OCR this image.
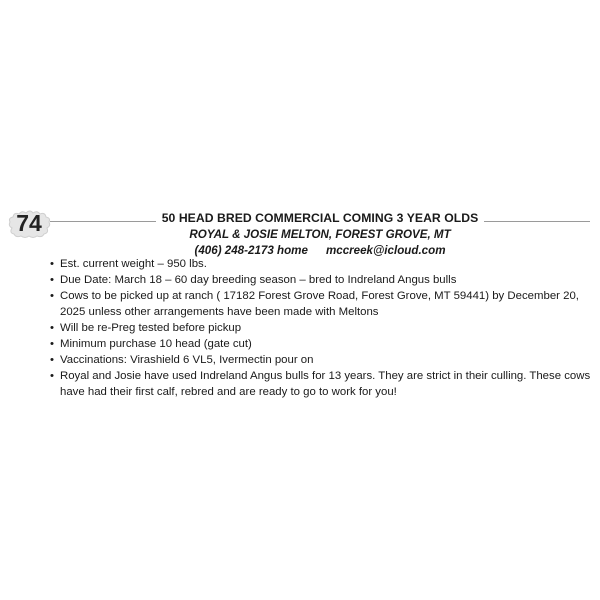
74	50 HEAD BRED COMMERCIAL COMING 3 YEAR OLDS
ROYAL & JOSIE MELTON, FOREST GROVE, MT
(406) 248-2173 home mccreek@icloud.com
• Est. current weight – 950 lbs.
• Due Date: March 18 – 60 day breeding season – bred to Indreland Angus bulls
• Cows to be picked up at ranch ( 17182 Forest Grove Road, Forest Grove, MT 59441) by December 20, 2025 unless other arrangements have been made with Meltons
• Will be re-Preg tested before pickup
• Minimum purchase 10 head (gate cut)
• Vaccinations: Virashield 6 VL5, Ivermectin pour on
• Royal and Josie have used Indreland Angus bulls for 13 years. They are strict in their culling. These cows have had their first calf, rebred and are ready to go to work for you!
